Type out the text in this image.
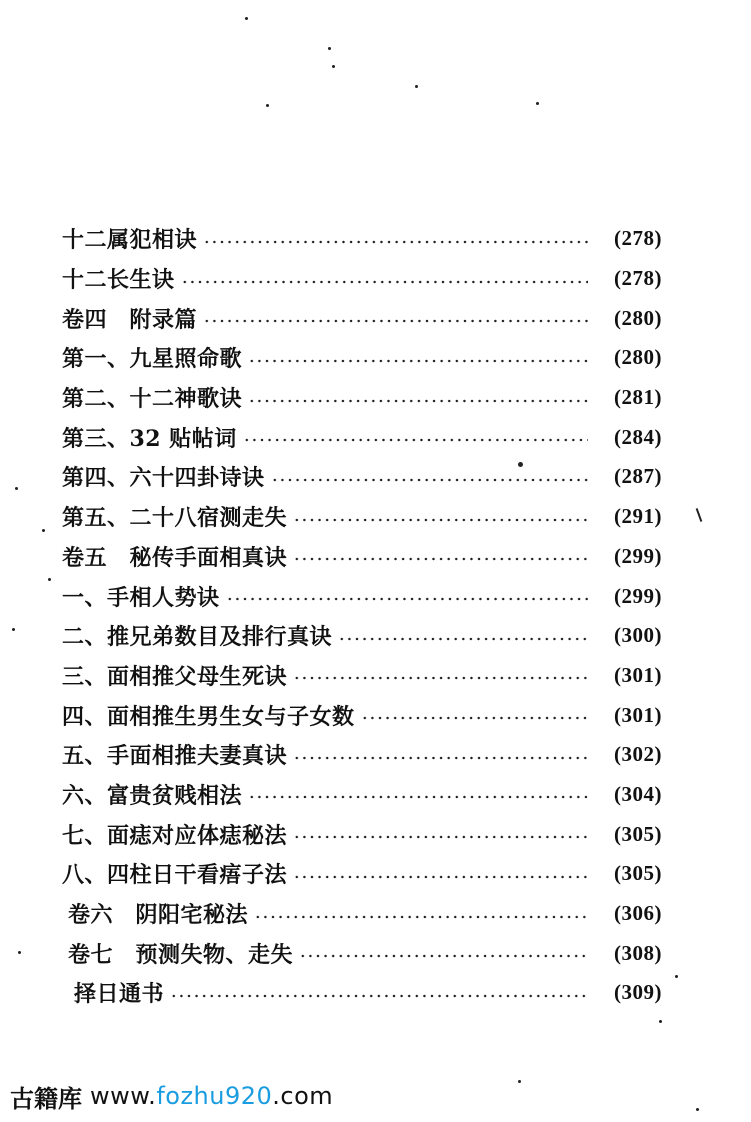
十二属犯相诀	(278)
十二长生诀	(278)
卷四　附录篇	(280)
第一、九星照命歌	(280)
第二、十二神歌诀	(281)
第三、32 贴帖词	(284)
第四、六十四卦诗诀	(287)
第五、二十八宿测走失	(291)
卷五　秘传手面相真诀	(299)
一、手相人势诀	(299)
二、推兄弟数目及排行真诀	(300)
三、面相推父母生死诀	(301)
四、面相推生男生女与子女数	(301)
五、手面相推夫妻真诀	(302)
六、富贵贫贱相法	(304)
七、面痣对应体痣秘法	(305)
八、四柱日干看痦子法	(305)
卷六　阴阳宅秘法	(306)
卷七　预测失物、走失	(308)
择日通书	(309)
古籍库 www.fozhu920.com
